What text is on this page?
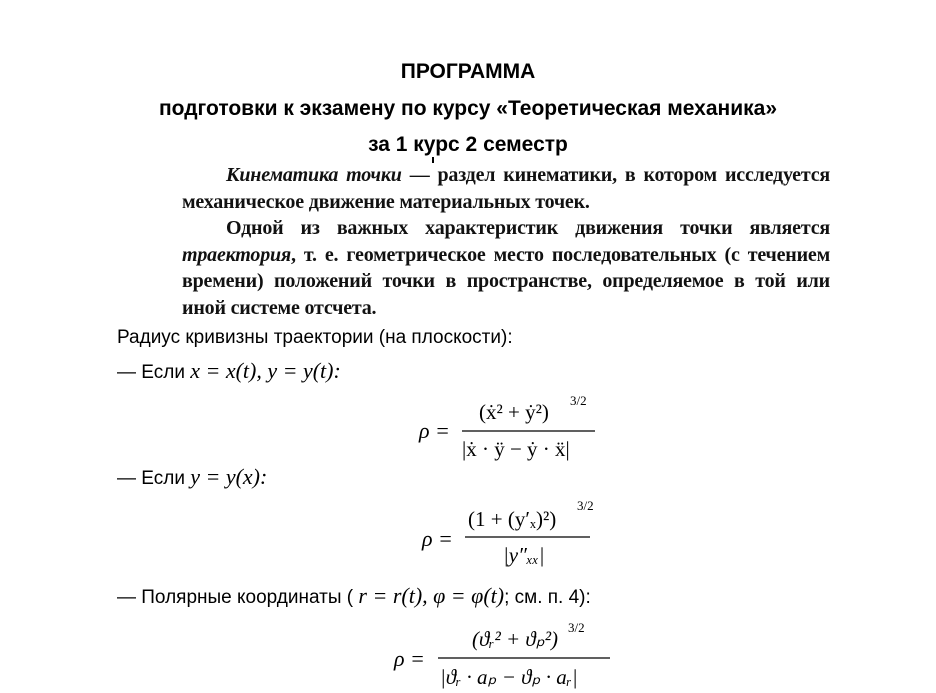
ПРОГРАММА
подготовки к экзамену по курсу «Теоретическая механика»
за 1 курс 2 семестр

Кинематика точки — раздел кинематики, в котором исследуется механическое движение материальных точек.

Одной из важных характеристик движения точки является траектория, т. е. геометрическое место последовательных (с течением времени) положений точки в пространстве, определяемое в той или иной системе отсчета.

Радиус кривизны траектории (на плоскости):
— Если x = x(t), y = y(t):
— Если y = y(x):
— Полярные координаты ( r = r(t), φ = φ(t); см. п. 4):
ρ =
(ẋ² + ẏ²) 3/2
|ẋ · ÿ − ẏ · ẍ|
ρ =
(1 + (y′ₓ)²)
3/2
|y″ₓₓ|
ρ =
(ϑᵣ² + ϑₚ²) 3/2
|ϑᵣ · aₚ − ϑₚ · aᵣ|
